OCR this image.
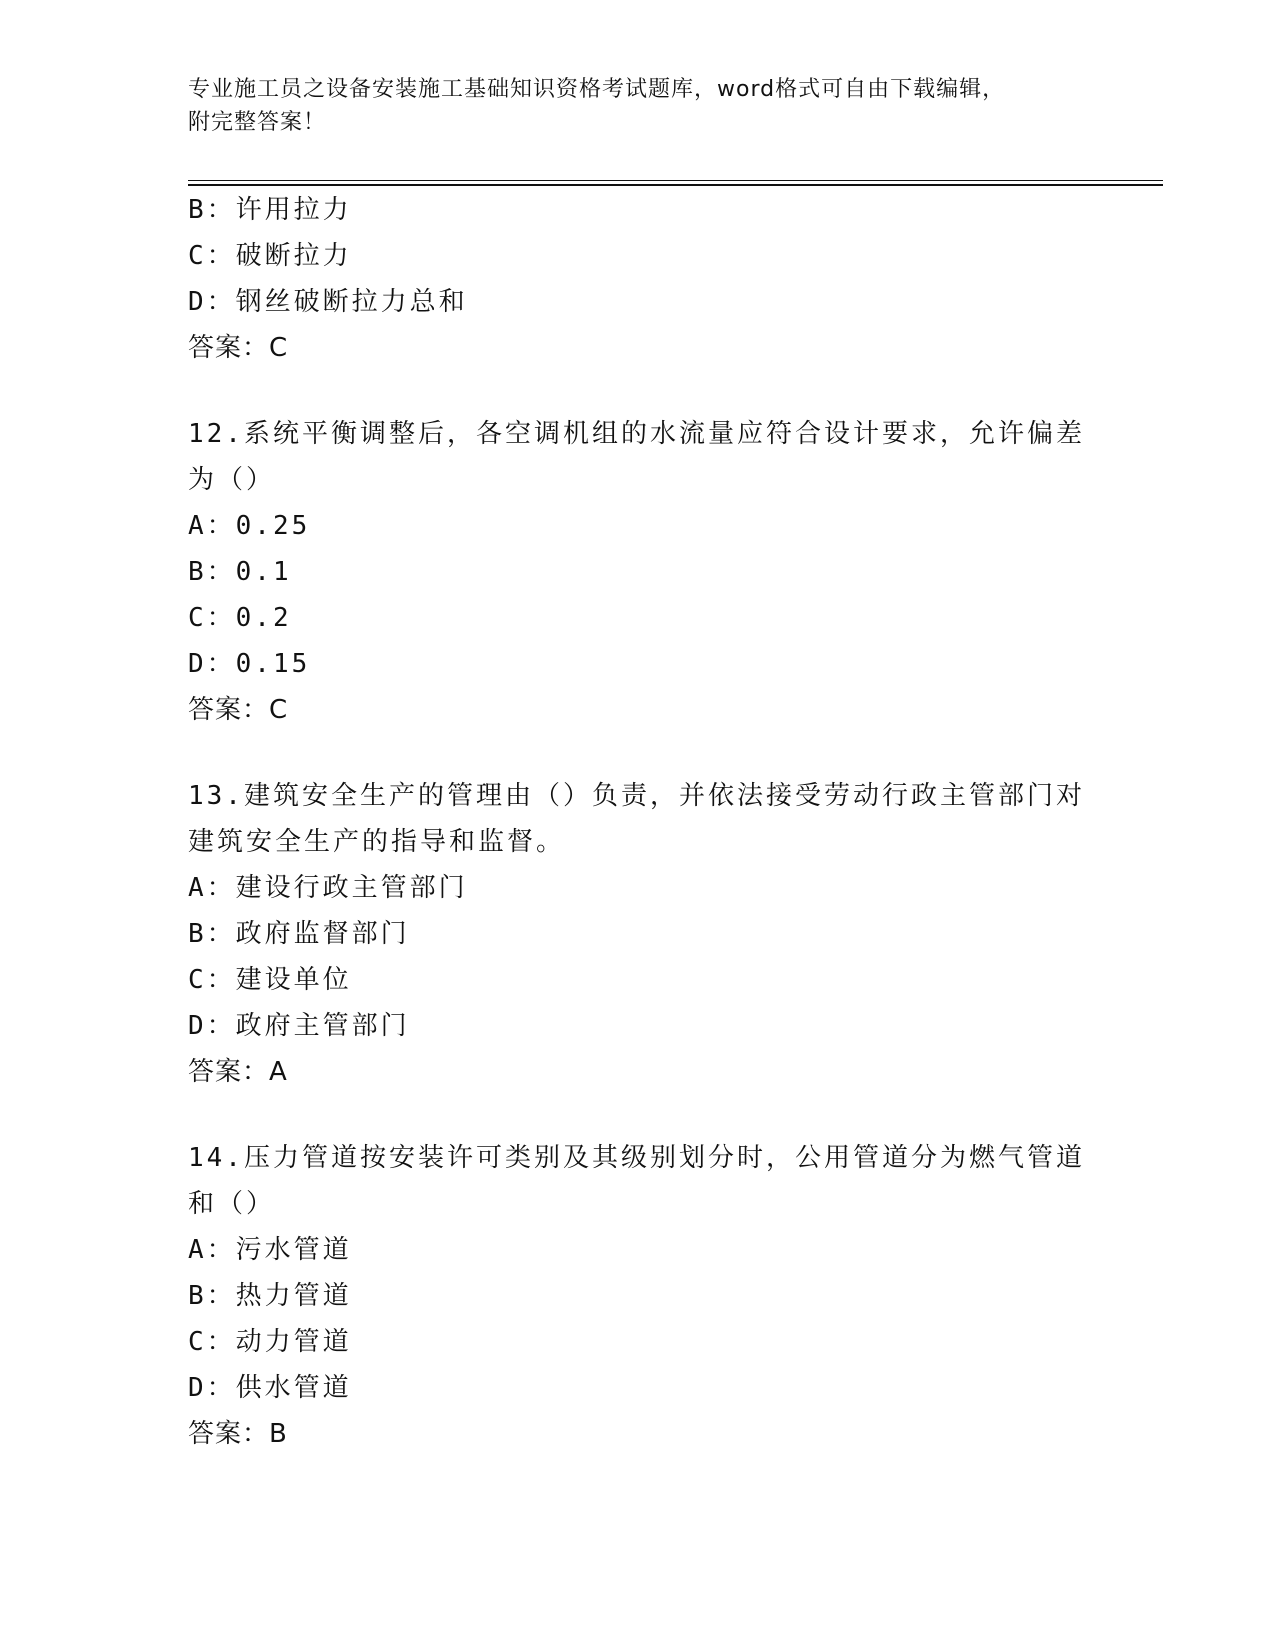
专业施工员之设备安装施工基础知识资格考试题库，word格式可自由下载编辑，
附完整答案！
B：许用拉力
C：破断拉力
D：钢丝破断拉力总和
答案：C
12.系统平衡调整后，各空调机组的水流量应符合设计要求，允许偏差为（）
A：0.25
B：0.1
C：0.2
D：0.15
答案：C
13.建筑安全生产的管理由（）负责，并依法接受劳动行政主管部门对建筑安全生产的指导和监督。
A：建设行政主管部门
B：政府监督部门
C：建设单位
D：政府主管部门
答案：A
14.压力管道按安装许可类别及其级别划分时，公用管道分为燃气管道和（）
A：污水管道
B：热力管道
C：动力管道
D：供水管道
答案：B
